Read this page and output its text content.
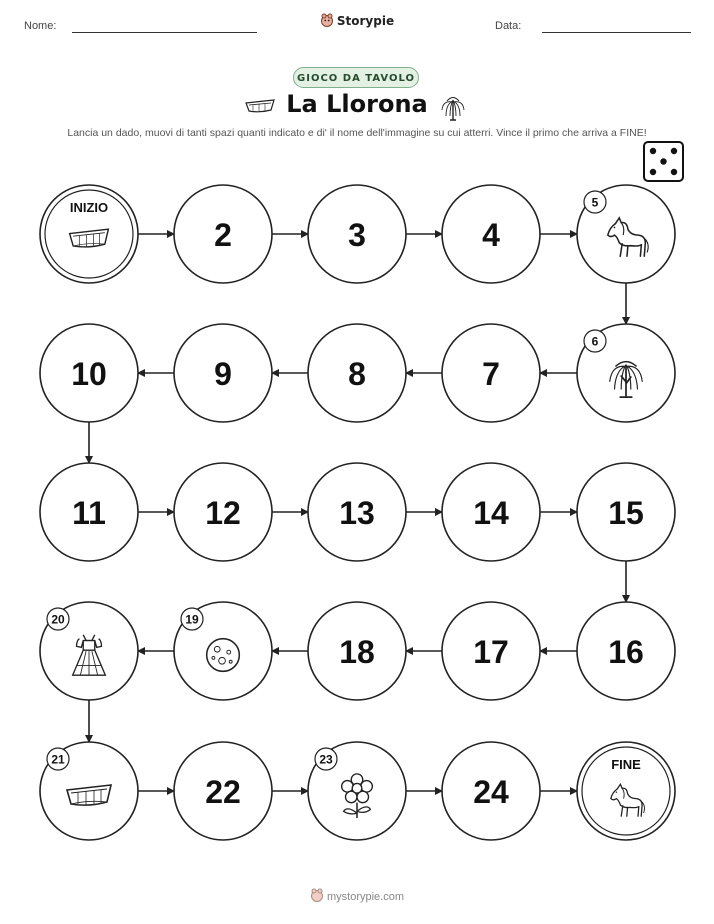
Nome:	Storypie	Data:
GIOCO DA TAVOLO
La Llorona
Lancia un dado, muovi di tanti spazi quanti indicato e di' il nome dell'immagine su cui atterri. Vince il primo che arriva a FINE!
INIZIO
2	3	4
5
6
7
8
9
10
11	12	13	14	15
16
17
18
19
20
21
22
23
24
FINE
mystorypie.com
